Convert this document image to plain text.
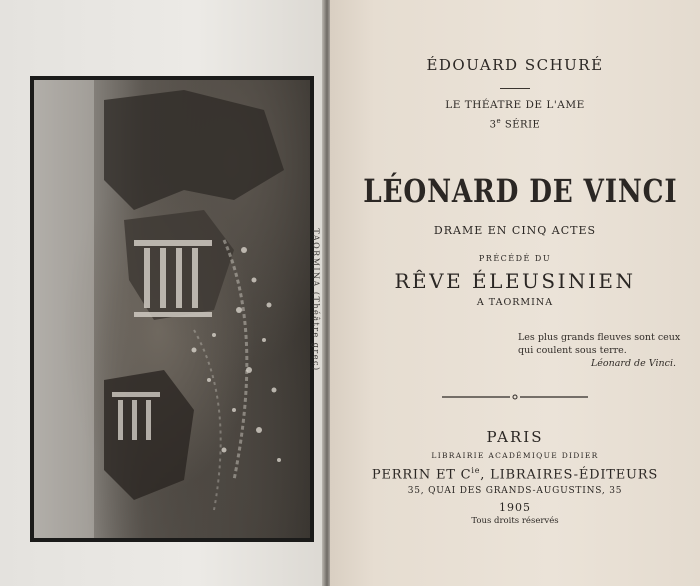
TAORMINA (Théâtre grec)
ÉDOUARD SCHURÉ
LE THÉATRE DE L'AME
3e SÉRIE
LÉONARD DE VINCI
DRAME EN CINQ ACTES
PRÉCÉDÉ DU
RÊVE ÉLEUSINIEN
A TAORMINA
Les plus grands fleuves sont ceux
qui coulent sous terre.
Léonard de Vinci.
PARIS
LIBRAIRIE ACADÉMIQUE DIDIER
PERRIN ET $C^{ie}$, LIBRAIRES-ÉDITEURS
35, QUAI DES GRANDS-AUGUSTINS, 35
1905
Tous droits réservés
